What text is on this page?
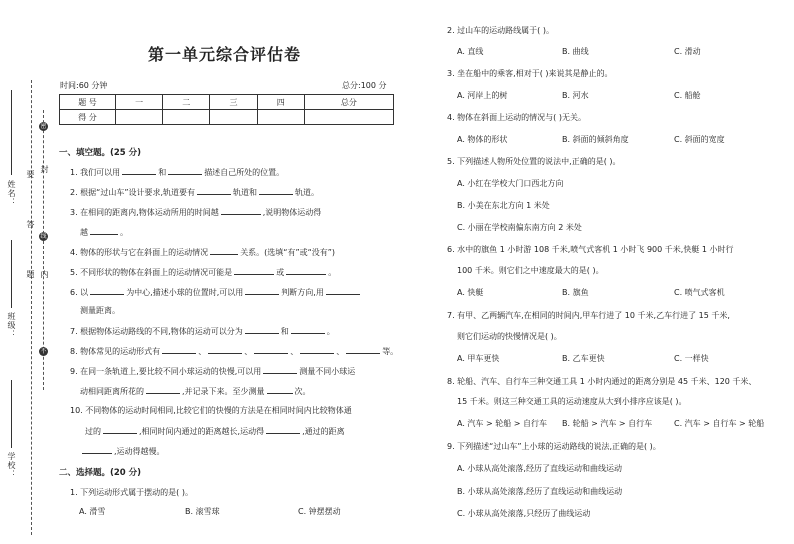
姓名：
班级：
学校：
密
封
线
内
不
要
答
题
第一单元综合评估卷
时间:60 分钟	总分:100 分
题 号	一	二	三	四	总分
得 分					
一、填空题。(25 分)
1. 我们可以用	和	描述自己所处的位置。
2. 根据“过山车”设计要求,轨道要有	轨道和	轨道。
3. 在相同的距离内,物体运动所用的时间越	,说明物体运动得
越	。
4. 物体的形状与它在斜面上的运动情况	关系。(选填“有”或“没有”)
5. 不同形状的物体在斜面上的运动情况可能是	或	。
6. 以	为中心,描述小球的位置时,可以用	判断方向,用
测量距离。
7. 根据物体运动路线的不同,物体的运动可以分为	和	。
8. 物体常见的运动形式有	、	、	、	、	等。
9. 在同一条轨道上,要比较不同小球运动的快慢,可以用	测量不同小球运
动相同距离所花的	,并记录下来。至少测量	次。
10. 不同物体的运动时间相同,比较它们的快慢的方法是在相同时间内比较物体通
过的	,相同时间内通过的距离越长,运动得	,通过的距离
,运动得越慢。
二、选择题。(20 分)
1. 下列运动形式属于摆动的是( )。
A. 滑雪	B. 滚雪球	C. 钟摆摆动
2. 过山车的运动路线属于( )。
A. 直线	B. 曲线	C. 滑动
3. 坐在船中的乘客,相对于( )来说其是静止的。
A. 河岸上的树	B. 河水	C. 船舱
4. 物体在斜面上运动的情况与( )无关。
A. 物体的形状	B. 斜面的倾斜角度	C. 斜面的宽度
5. 下列描述人物所处位置的说法中,正确的是( )。
A. 小红在学校大门口西北方向
B. 小美在东北方向 1 米处
C. 小丽在学校南偏东南方向 2 米处
6. 水中的旗鱼 1 小时游 108 千米,喷气式客机 1 小时飞 900 千米,快艇 1 小时行
100 千米。则它们之中速度最大的是( )。
A. 快艇	B. 旗鱼	C. 喷气式客机
7. 有甲、乙两辆汽车,在相同的时间内,甲车行进了 10 千米,乙车行进了 15 千米,
则它们运动的快慢情况是( )。
A. 甲车更快	B. 乙车更快	C. 一样快
8. 轮船、汽车、自行车三种交通工具 1 小时内通过的距离分别是 45 千米、120 千米、
15 千米。则这三种交通工具的运动速度从大到小排序应该是( )。
A. 汽车 > 轮船 > 自行车 B. 轮船 > 汽车 > 自行车	C. 汽车 > 自行车 > 轮船
9. 下列描述“过山车”上小球的运动路线的说法,正确的是( )。
A. 小球从高处滚落,经历了直线运动和曲线运动
B. 小球从高处滚落,经历了直线运动和曲线运动
C. 小球从高处滚落,只经历了曲线运动
